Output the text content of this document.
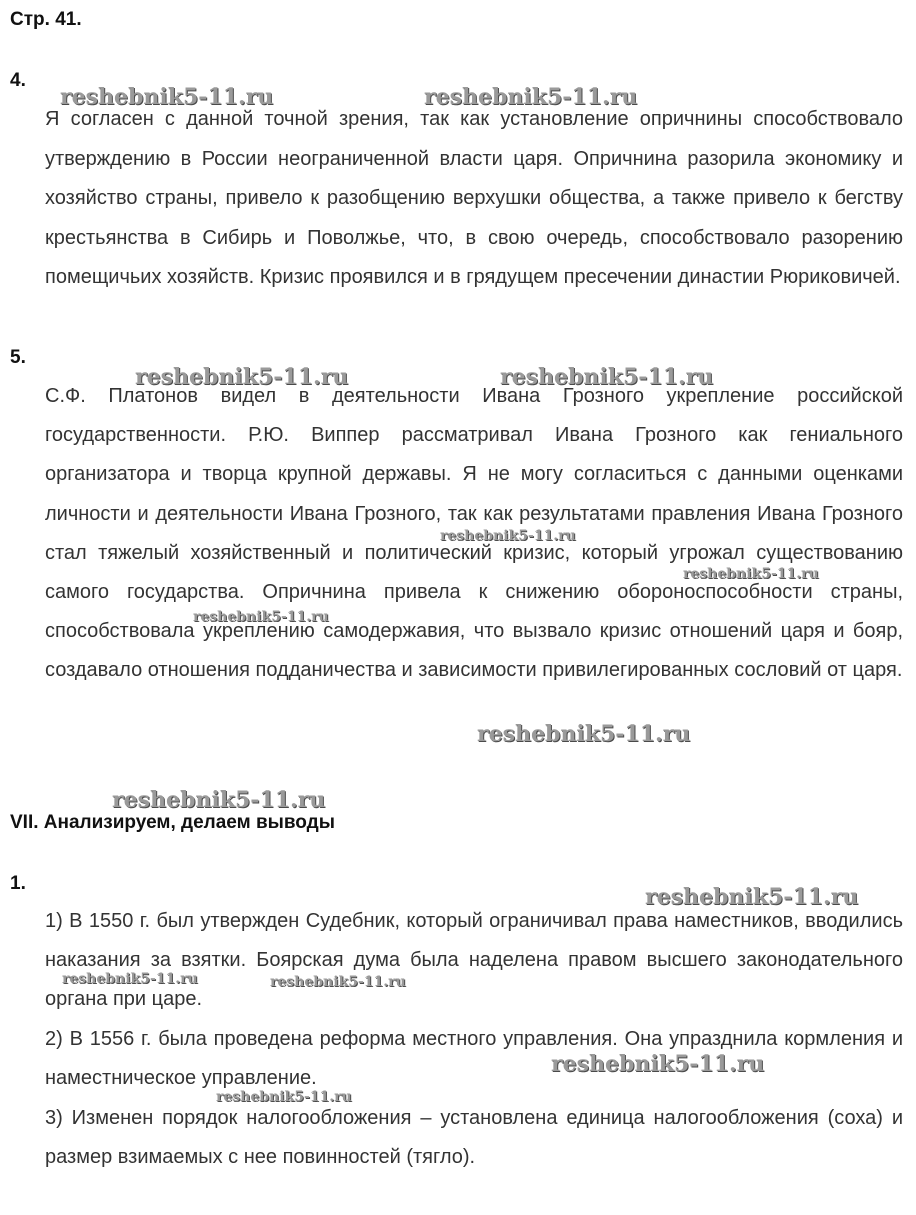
Стр. 41.
4.

Я согласен с данной точной зрения, так как установление опричнины способствовало утверждению в России неограниченной власти царя. Опричнина разорила экономику и хозяйство страны, привело к разобщению верхушки общества, а также привело к бегству крестьянства в Сибирь и Поволжье, что, в свою очередь, способствовало разорению помещичьих хозяйств. Кризис проявился и в грядущем пресечении династии Рюриковичей.

5.

С.Ф. Платонов видел в деятельности Ивана Грозного укрепление российской государственности. Р.Ю. Виппер рассматривал Ивана Грозного как гениального организатора и творца крупной державы. Я не могу согласиться с данными оценками личности и деятельности Ивана Грозного, так как результатами правления Ивана Грозного стал тяжелый хозяйственный и политический кризис, который угрожал существованию самого государства. Опричнина привела к снижению обороноспособности страны, способствовала укреплению самодержавия, что вызвало кризис отношений царя и бояр, создавало отношения подданичества и зависимости привилегированных сословий от царя.

VII. Анализируем, делаем выводы
1.

1) В 1550 г. был утвержден Судебник, который ограничивал права наместников, вводились наказания за взятки. Боярская дума была наделена правом высшего законодательного органа при царе.

2) В 1556 г. была проведена реформа местного управления. Она упразднила кормления и наместническое управление.

3) Изменен порядок налогообложения – установлена единица налогообложения (соха) и размер взимаемых с нее повинностей (тягло).

reshebnik5-11.ru	reshebnik5-11.ru
reshebnik5-11.ru	reshebnik5-11.ru
reshebnik5-11.ru
reshebnik5-11.ru
reshebnik5-11.ru
reshebnik5-11.ru
reshebnik5-11.ru
reshebnik5-11.ru
reshebnik5-11.ru	reshebnik5-11.ru
reshebnik5-11.ru
reshebnik5-11.ru
